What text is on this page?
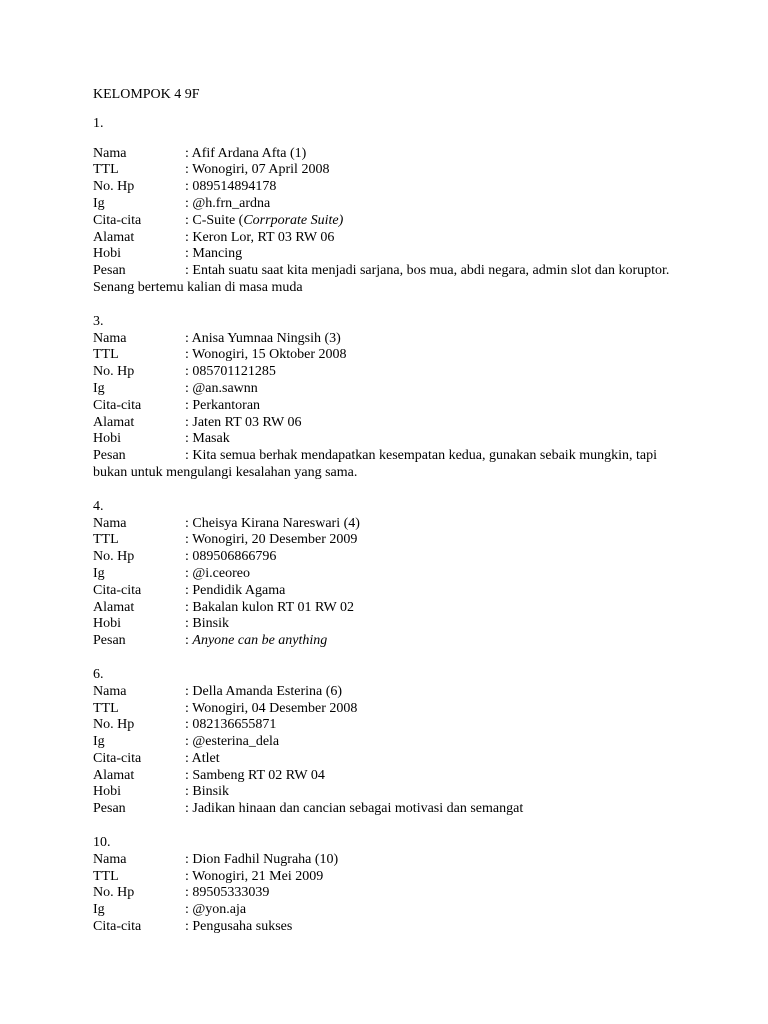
KELOMPOK 4 9F
1.
Nama	: Afif Ardana Afta (1)
TTL	: Wonogiri, 07 April 2008
No. Hp	: 089514894178
Ig	: @h.frn_ardna
Cita-cita	: C-Suite (Corrporate Suite)
Alamat	: Keron Lor, RT 03 RW 06
Hobi	: Mancing
Pesan	: Entah suatu saat kita menjadi sarjana, bos mua, abdi negara, admin slot dan koruptor. Senang bertemu kalian di masa muda
3.
Nama	: Anisa Yumnaa Ningsih (3)
TTL	: Wonogiri, 15 Oktober 2008
No. Hp	: 085701121285
Ig	: @an.sawnn
Cita-cita	: Perkantoran
Alamat	: Jaten RT 03 RW 06
Hobi	: Masak
Pesan	: Kita semua berhak mendapatkan kesempatan kedua, gunakan sebaik mungkin, tapi bukan untuk mengulangi kesalahan yang sama.
4.
Nama	: Cheisya Kirana Nareswari (4)
TTL	: Wonogiri, 20 Desember 2009
No. Hp	: 089506866796
Ig	: @i.ceoreo
Cita-cita	: Pendidik Agama
Alamat	: Bakalan kulon RT 01 RW 02
Hobi	: Binsik
Pesan	: Anyone can be anything
6.
Nama	: Della Amanda Esterina (6)
TTL	: Wonogiri, 04 Desember 2008
No. Hp	: 082136655871
Ig	: @esterina_dela
Cita-cita	: Atlet
Alamat	: Sambeng RT 02 RW 04
Hobi	: Binsik
Pesan	: Jadikan hinaan dan cancian sebagai motivasi dan semangat
10.
Nama	: Dion Fadhil Nugraha (10)
TTL	: Wonogiri, 21 Mei 2009
No. Hp	: 89505333039
Ig	: @yon.aja
Cita-cita	: Pengusaha sukses
